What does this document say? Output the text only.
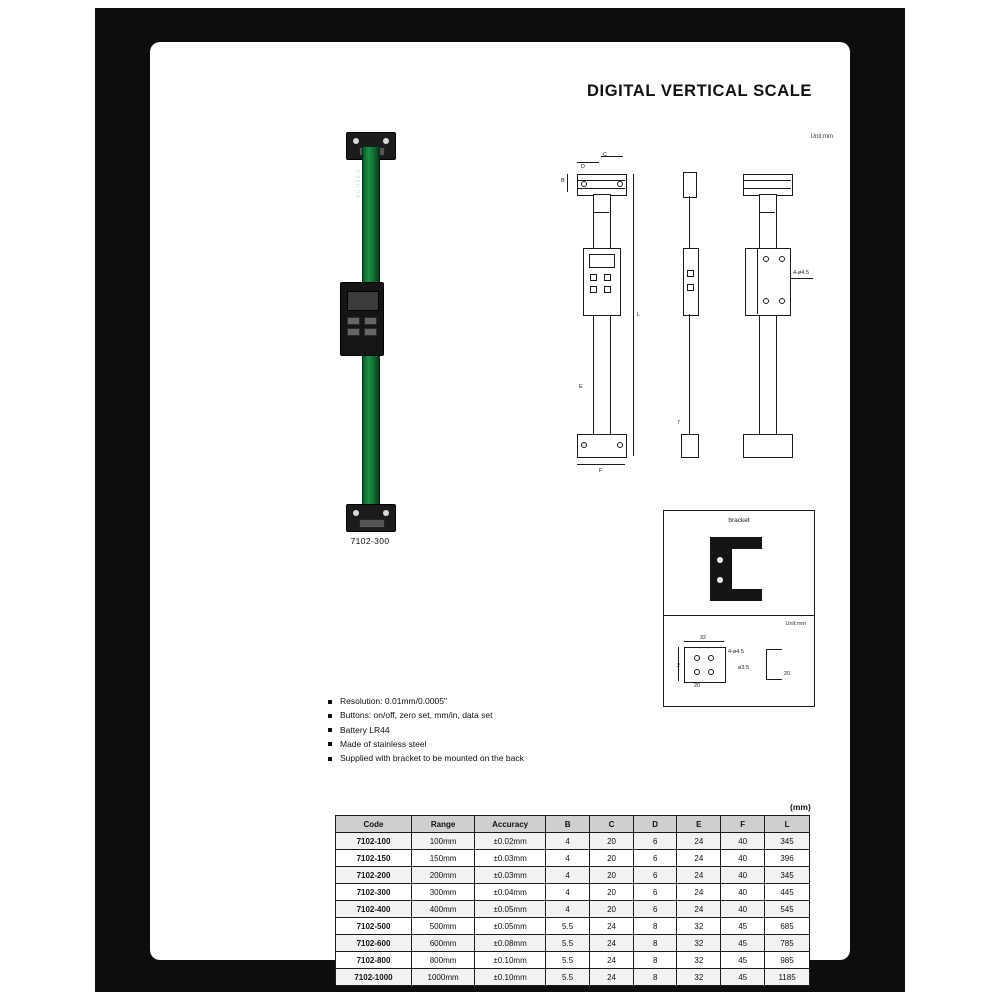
DIGITAL VERTICAL SCALE
VERTEX
7102-300
Unit:mm
B
C
D
L
E
F
7
4-ø4.5
bracket
Unit:mm
32
4-ø4.5
2
20
20
ø3.5
Resolution: 0.01mm/0.0005"
Buttons: on/off, zero set, mm/in, data set
Battery LR44
Made of stainless steel
Supplied with bracket to be mounted on the back
(mm)
Code	Range	Accuracy	B	C	D	E	F	L
7102-100	100mm	±0.02mm	4	20	6	24	40	345
7102-150	150mm	±0.03mm	4	20	6	24	40	396
7102-200	200mm	±0.03mm	4	20	6	24	40	345
7102-300	300mm	±0.04mm	4	20	6	24	40	445
7102-400	400mm	±0.05mm	4	20	6	24	40	545
7102-500	500mm	±0.05mm	5.5	24	8	32	45	685
7102-600	600mm	±0.08mm	5.5	24	8	32	45	785
7102-800	800mm	±0.10mm	5.5	24	8	32	45	985
7102-1000	1000mm	±0.10mm	5.5	24	8	32	45	1185
